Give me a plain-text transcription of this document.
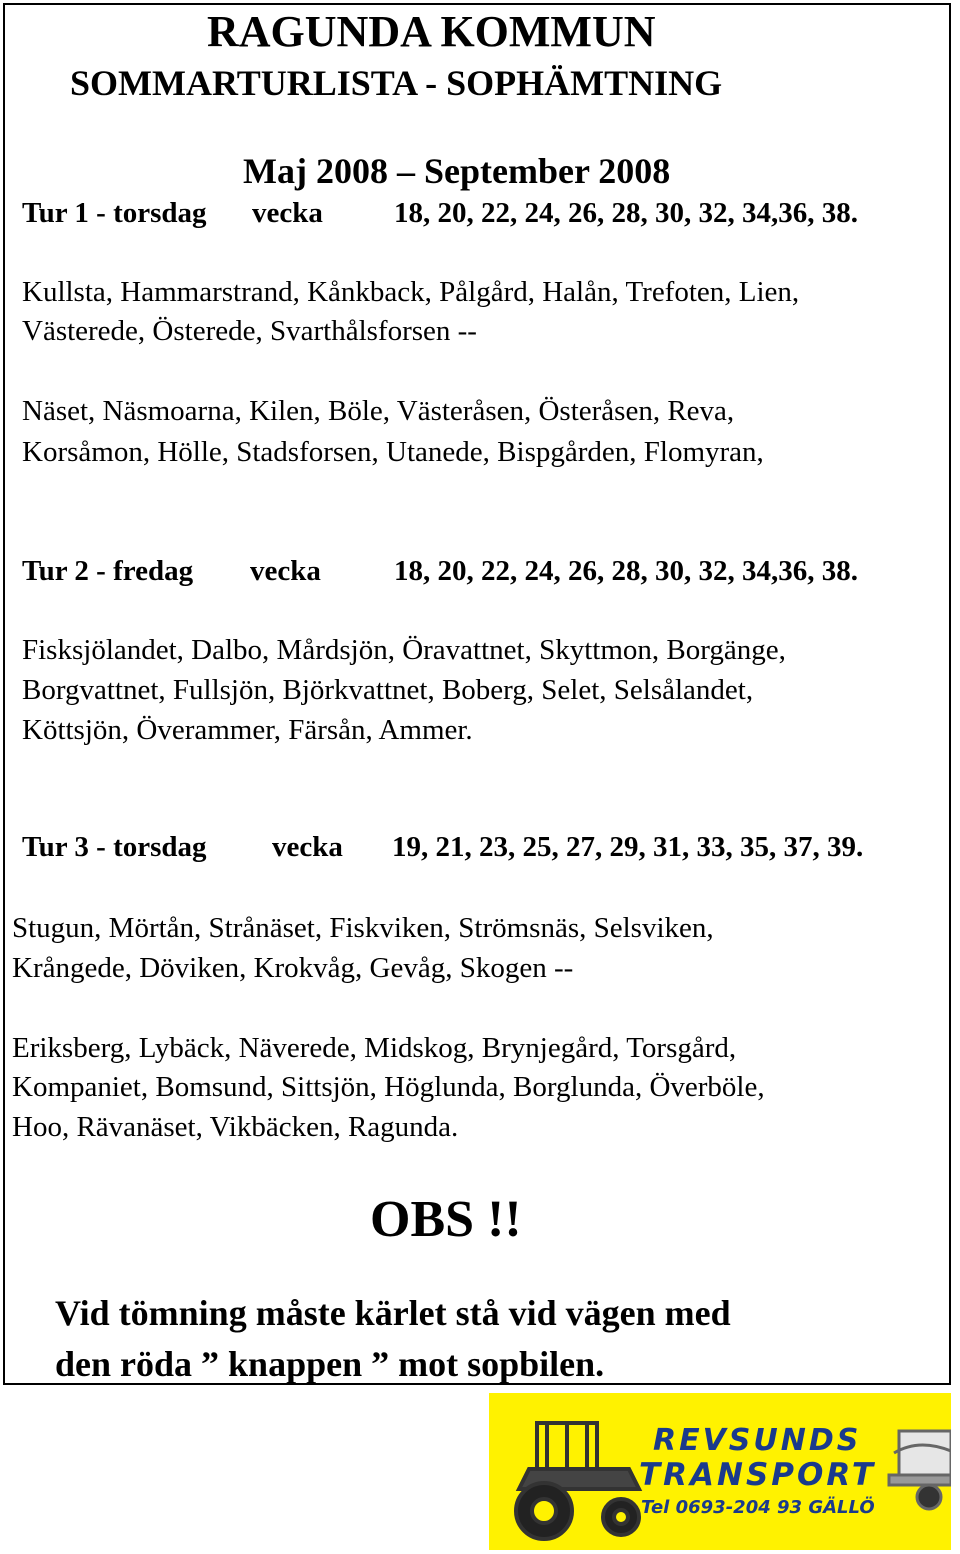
RAGUNDA KOMMUN

SOMMARTURLISTA - SOPHÄMTNING

Maj 2008 – September 2008

Tur 1 - torsdag vecka 18, 20, 22, 24, 26, 28, 30, 32, 34,36, 38.

Kullsta, Hammarstrand, Kånkback, Pålgård, Halån, Trefoten, Lien,

Västerede, Österede, Svarthålsforsen --

Näset, Näsmoarna, Kilen, Böle, Västeråsen, Österåsen, Reva,

Korsåmon, Hölle, Stadsforsen, Utanede, Bispgården, Flomyran,

Tur 2 - fredag vecka	18, 20, 22, 24, 26, 28, 30, 32, 34,36, 38.

Fisksjölandet, Dalbo, Mårdsjön, Öravattnet, Skyttmon, Borgänge,

Borgvattnet, Fullsjön, Björkvattnet, Boberg, Selet, Selsålandet,

Köttsjön, Överammer, Färsån, Ammer.

Tur 3 - torsdag vecka 19, 21, 23, 25, 27, 29, 31, 33, 35, 37, 39.

Stugun, Mörtån, Strånäset, Fiskviken, Strömsnäs, Selsviken,

Krångede, Döviken, Krokvåg, Gevåg, Skogen --

Eriksberg, Lybäck, Näverede, Midskog, Brynjegård, Torsgård,

Kompaniet, Bomsund, Sittsjön, Höglunda, Borglunda, Överböle,

Hoo, Rävanäset, Vikbäcken, Ragunda.

OBS !!

Vid tömning måste kärlet stå vid vägen med

den röda ” knappen ” mot sopbilen.

REVSUNDS
TRANSPORT
Tel 0693-204 93 GÄLLÖ
